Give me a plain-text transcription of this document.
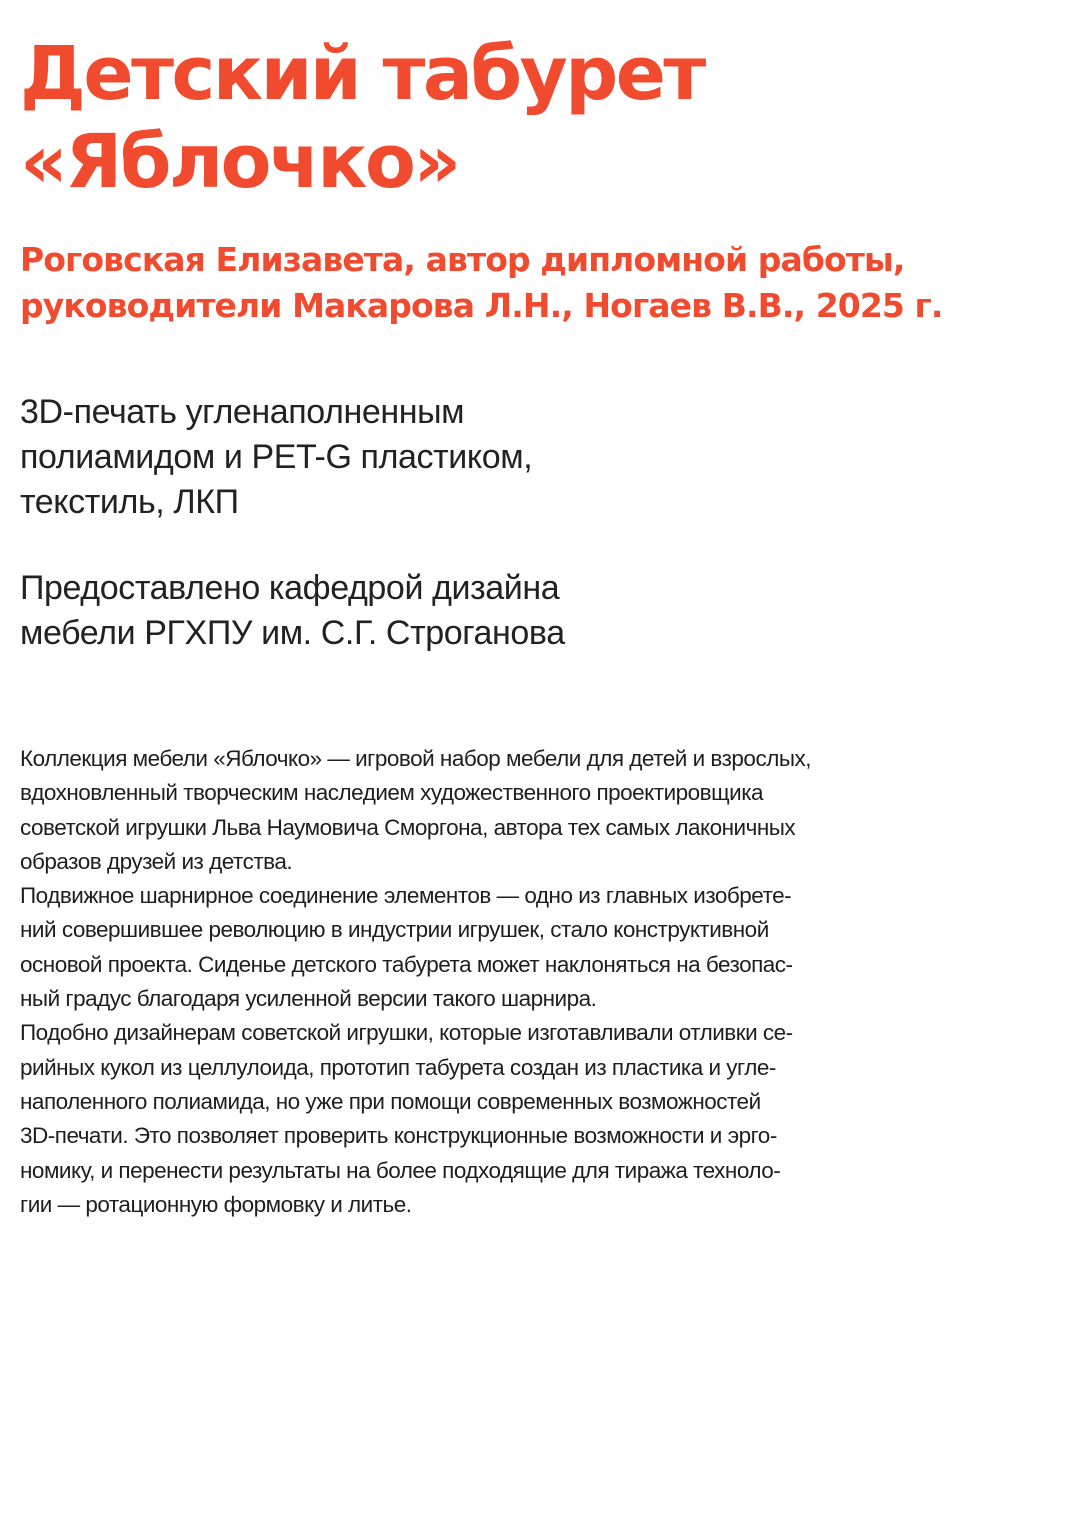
Детский табурет
«Яблочко»

Роговская Елизавета, автор дипломной работы,
руководители Макарова Л.Н., Ногаев В.В., 2025 г.

3D-печать угленаполненным
полиамидом и PET-G пластиком,
текстиль, ЛКП

Предоставлено кафедрой дизайна
мебели РГХПУ им. С.Г. Строганова

Коллекция мебели «Яблочко» — игровой набор мебели для детей и взрослых,
вдохновленный творческим наследием художественного проектировщика
советской игрушки Льва Наумовича Сморгона, автора тех самых лаконичных
образов друзей из детства.
Подвижное шарнирное соединение элементов — одно из главных изобрете-
ний совершившее революцию в индустрии игрушек, стало конструктивной
основой проекта. Сиденье детского табурета может наклоняться на безопас-
ный градус благодаря усиленной версии такого шарнира.
Подобно дизайнерам советской игрушки, которые изготавливали отливки се-
рийных кукол из целлулоида, прототип табурета создан из пластика и угле-
наполенного полиамида, но уже при помощи современных возможностей
3D-печати. Это позволяет проверить конструкционные возможности и эрго-
номику, и перенести результаты на более подходящие для тиража техноло-
гии — ротационную формовку и литье.
